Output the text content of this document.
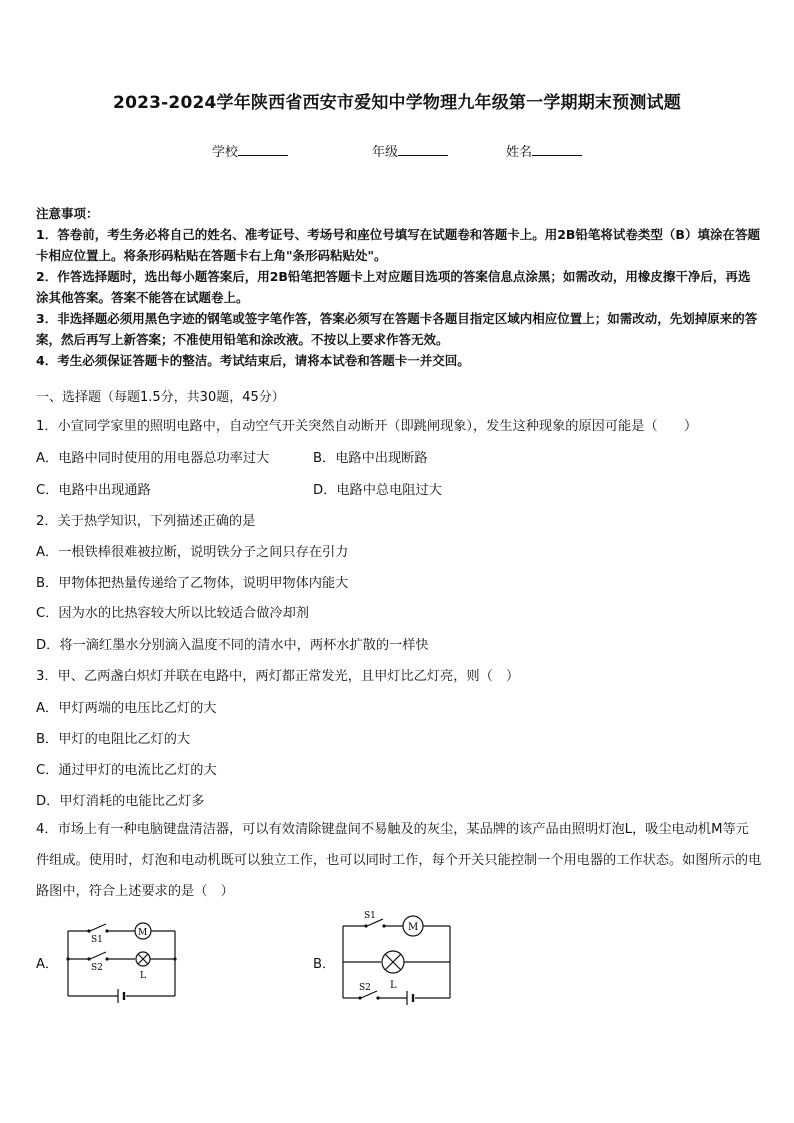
2023-2024学年陕西省西安市爱知中学物理九年级第一学期期末预测试题
学校	年级	姓名

注意事项：

1．答卷前，考生务必将自己的姓名、准考证号、考场号和座位号填写在试题卷和答题卡上。用2B铅笔将试卷类型（B）填涂在答题卡相应位置上。将条形码粘贴在答题卡右上角"条形码粘贴处"。

2．作答选择题时，选出每小题答案后，用2B铅笔把答题卡上对应题目选项的答案信息点涂黑；如需改动，用橡皮擦干净后，再选涂其他答案。答案不能答在试题卷上。

3．非选择题必须用黑色字迹的钢笔或签字笔作答，答案必须写在答题卡各题目指定区域内相应位置上；如需改动，先划掉原来的答案，然后再写上新答案；不准使用铅笔和涂改液。不按以上要求作答无效。

4．考生必须保证答题卡的整洁。考试结束后，请将本试卷和答题卡一并交回。

一、选择题（每题1.5分，共30题，45分）
1．小宣同学家里的照明电路中，自动空气开关突然自动断开（即跳闸现象），发生这种现象的原因可能是（　　）
A．电路中同时使用的用电器总功率过大	B．电路中出现断路
C．电路中出现通路	D．电路中总电阻过大
2．关于热学知识，下列描述正确的是
A．一根铁棒很难被拉断，说明铁分子之间只存在引力
B．甲物体把热量传递给了乙物体，说明甲物体内能大
C．因为水的比热容较大所以比较适合做冷却剂
D．将一滴红墨水分别滴入温度不同的清水中，两杯水扩散的一样快
3．甲、乙两盏白炽灯并联在电路中，两灯都正常发光，且甲灯比乙灯亮，则（　）
A．甲灯两端的电压比乙灯的大
B．甲灯的电阻比乙灯的大
C．通过甲灯的电流比乙灯的大
D．甲灯消耗的电能比乙灯多
4．市场上有一种电脑键盘清洁器，可以有效清除键盘间不易触及的灰尘，某品牌的该产品由照明灯泡L，吸尘电动机M等元件组成。使用时，灯泡和电动机既可以独立工作，也可以同时工作，每个开关只能控制一个用电器的工作状态。如图所示的电路图中，符合上述要求的是（　）
A．	B．
S1
S2
M
L
S1
S2
M
L
